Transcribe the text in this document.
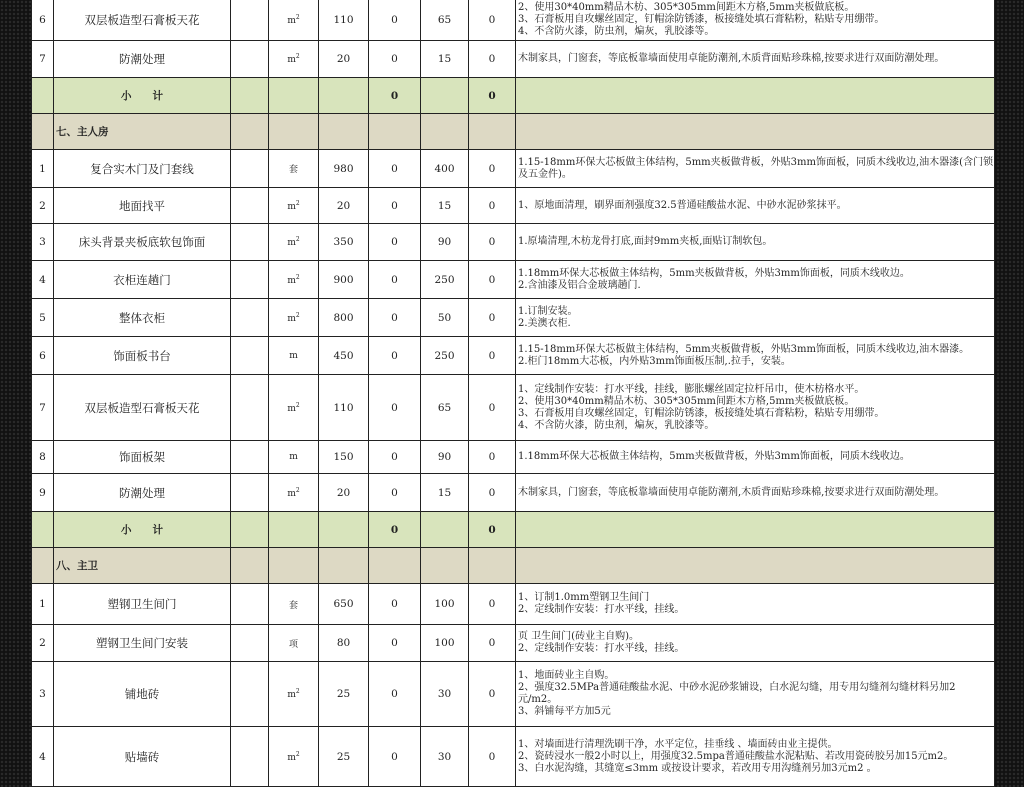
6	双层板造型石膏板天花		$m^2$	110	0	65	0	2、使用30*40mm精品木枋、305*305mm间距木方格,5mm夹板做底板。
3、石膏板用自攻螺丝固定，钉帽涂防锈漆，板接缝处填石膏粘粉，粘贴专用绷带。
4、不含防火漆，防虫剂，煸灰，乳胶漆等。
7	防潮处理		$m^2$	20	0	15	0	木制家具，门窗套，等底板靠墙面使用卓能防潮剂,木质背面贴珍珠棉,按要求进行双面防潮处理。
	小　　计				0		0	
	七、主人房							
1	复合实木门及门套线		套	980	0	400	0	1.15-18mm环保大芯板做主体结构，5mm夹板做背板，外贴3mm饰面板，同质木线收边,油木器漆(含门锁及五金件)。
2	地面找平		$m^2$	20	0	15	0	1、原地面清理，刷界面剂强度32.5普通硅酸盐水泥、中砂水泥砂浆抹平。
3	床头背景夹板底软包饰面		$m^2$	350	0	90	0	1.原墙清理,木枋龙骨打底,面封9mm夹板,面贴订制软包。
4	衣柜连趟门		$m^2$	900	0	250	0	1.18mm环保大芯板做主体结构，5mm夹板做背板，外贴3mm饰面板，同质木线收边。
2.含油漆及铝合金玻璃趟门.
5	整体衣柜		$m^2$	800	0	50	0	1.订制安装。
2.美澳衣柜.
6	饰面板书台		m	450	0	250	0	1.15-18mm环保大芯板做主体结构，5mm夹板做背板，外贴3mm饰面板，同质木线收边,油木器漆。
2.柜门18mm大芯板，内外贴3mm饰面板压制,.拉手，安装。
7	双层板造型石膏板天花		$m^2$	110	0	65	0	1、定线制作安装：打水平线，挂线，膨胀螺丝固定拉杆吊巾，使木枋格水平。
2、使用30*40mm精品木枋、305*305mm间距木方格,5mm夹板做底板。
3、石膏板用自攻螺丝固定，钉帽涂防锈漆，板接缝处填石膏粘粉，粘贴专用绷带。
4、不含防火漆，防虫剂，煸灰，乳胶漆等。
8	饰面板架		m	150	0	90	0	1.18mm环保大芯板做主体结构，5mm夹板做背板，外贴3mm饰面板，同质木线收边。
9	防潮处理		$m^2$	20	0	15	0	木制家具，门窗套，等底板靠墙面使用卓能防潮剂,木质背面贴珍珠棉,按要求进行双面防潮处理。
	小　　计				0		0	
	八、主卫							
1	塑钢卫生间门		套	650	0	100	0	1、订制1.0mm塑钢卫生间门
2、定线制作安装：打水平线，挂线。
2	塑钢卫生间门安装		项	80	0	100	0	页 卫生间门(砖业主自购)。
2、定线制作安装：打水平线，挂线。
3	铺地砖		$m^2$	25	0	30	0	1、地面砖业主自购。
2、强度32.5MPa普通硅酸盐水泥、中砂水泥砂浆铺设，白水泥勾缝，用专用勾缝剂勾缝材料另加2元/m2。
3、斜铺每平方加5元
4	贴墙砖		$m^2$	25	0	30	0	1、对墙面进行清理洗刷干净，水平定位，挂垂线 、墙面砖由业主提供。
2、瓷砖浸水一般2小时以上，用强度32.5mpa普通硅酸盐水泥粘贴、若改用瓷砖胶另加15元m2。
3、白水泥沟缝，其缝宽≤3mm 或按设计要求，若改用专用沟缝剂另加3元m2 。
